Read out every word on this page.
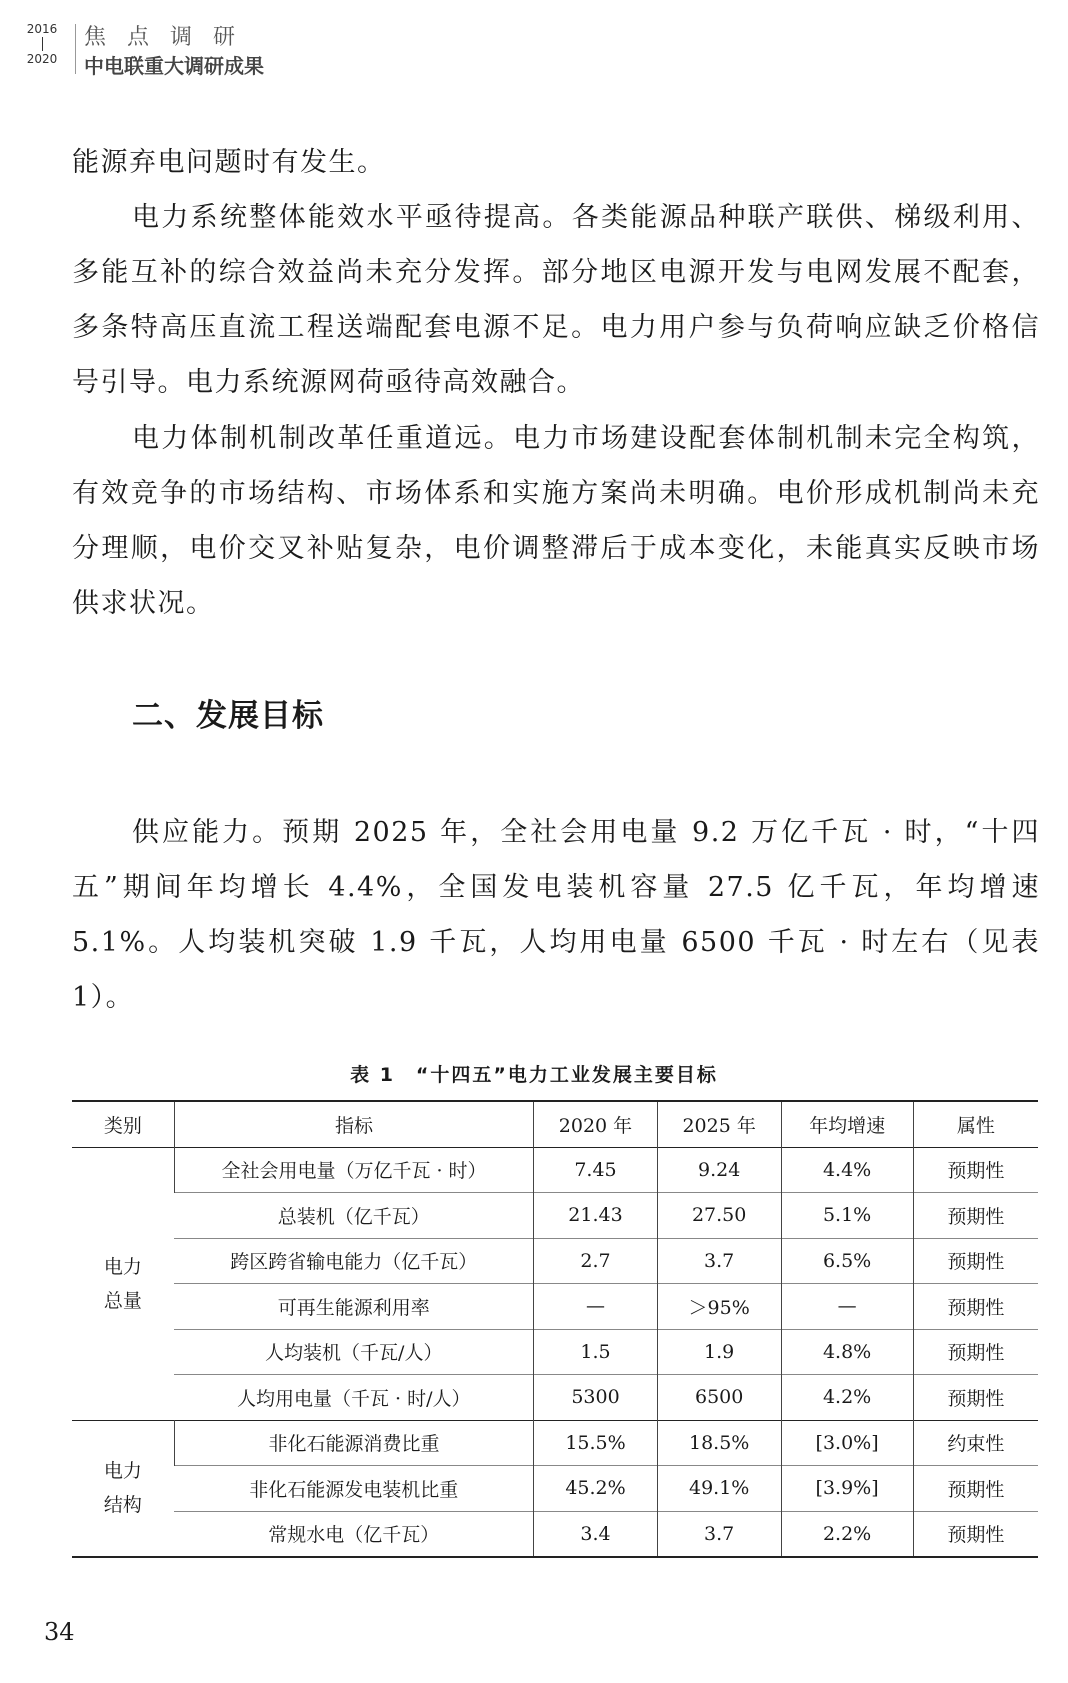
2016
2020
焦点调研
中电联重大调研成果

能源弃电问题时有发生。

电力系统整体能效水平亟待提高。各类能源品种联产联供、梯级利用、多能互补的综合效益尚未充分发挥。部分地区电源开发与电网发展不配套，多条特高压直流工程送端配套电源不足。电力用户参与负荷响应缺乏价格信号引导。电力系统源网荷亟待高效融合。

电力体制机制改革任重道远。电力市场建设配套体制机制未完全构筑，有效竞争的市场结构、市场体系和实施方案尚未明确。电价形成机制尚未充分理顺，电价交叉补贴复杂，电价调整滞后于成本变化，未能真实反映市场供求状况。

二、发展目标

供应能力。预期 2025 年，全社会用电量 9.2 万亿千瓦 · 时，“十四五”期间年均增长 4.4%，全国发电装机容量 27.5 亿千瓦，年均增速 5.1%。人均装机突破 1.9 千瓦，人均用电量 6500 千瓦 · 时左右（见表 1）。

表 1　“十四五”电力工业发展主要目标
类别	指标	2020 年	2025 年	年均增速	属性
电力
总量	全社会用电量（万亿千瓦 · 时）	7.45	9.24	4.4%	预期性
	总装机（亿千瓦）	21.43	27.50	5.1%	预期性
	跨区跨省输电能力（亿千瓦）	2.7	3.7	6.5%	预期性
	可再生能源利用率	—	＞95%	—	预期性
	人均装机（千瓦/人）	1.5	1.9	4.8%	预期性
	人均用电量（千瓦 · 时/人）	5300	6500	4.2%	预期性
电力
结构	非化石能源消费比重	15.5%	18.5%	[3.0%]	约束性
	非化石能源发电装机比重	45.2%	49.1%	[3.9%]	预期性
	常规水电（亿千瓦）	3.4	3.7	2.2%	预期性
34
